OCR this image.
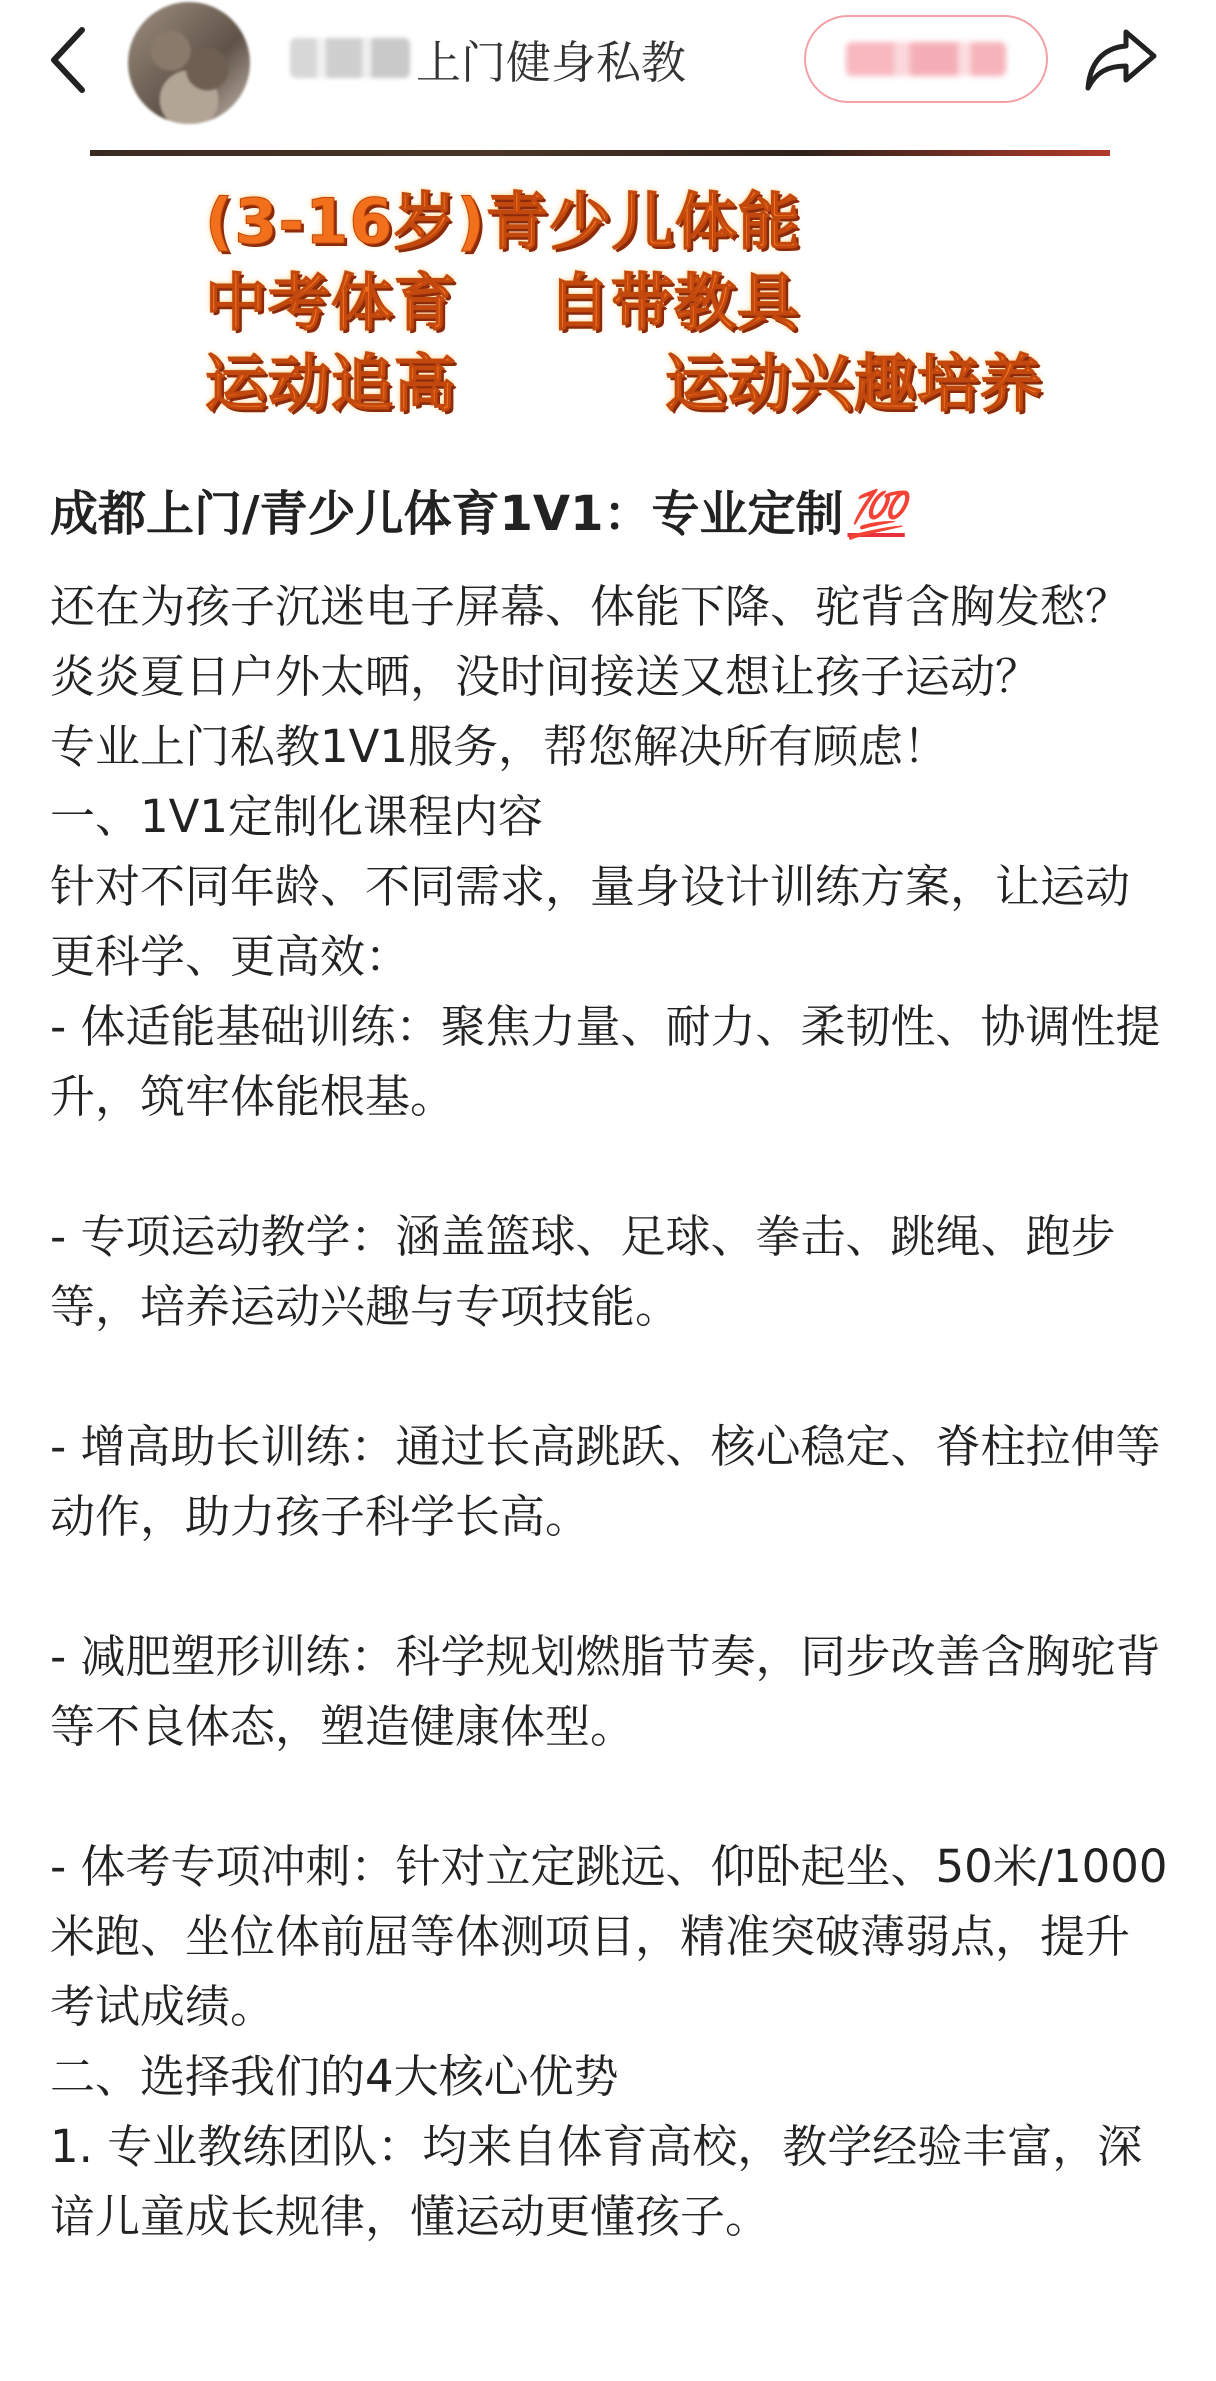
上门健身私教
(3-16岁)青少儿体能
中考体育 自带教具
运动追高	运动兴趣培养
成都上门/青少儿体育1V1：专业定制💯

还在为孩子沉迷电子屏幕、体能下降、驼背含胸发愁？

炎炎夏日户外太晒，没时间接送又想让孩子运动？

专业上门私教1V1服务，帮您解决所有顾虑！

一、1V1定制化课程内容

针对不同年龄、不同需求，量身设计训练方案，让运动更科学、更高效：

- 体适能基础训练：聚焦力量、耐力、柔韧性、协调性提升，筑牢体能根基。

- 专项运动教学：涵盖篮球、足球、拳击、跳绳、跑步等，培养运动兴趣与专项技能。

- 增高助长训练：通过长高跳跃、核心稳定、脊柱拉伸等动作，助力孩子科学长高。

- 减肥塑形训练：科学规划燃脂节奏，同步改善含胸驼背等不良体态，塑造健康体型。

- 体考专项冲刺：针对立定跳远、仰卧起坐、50米/1000米跑、坐位体前屈等体测项目，精准突破薄弱点，提升考试成绩。

二、选择我们的4大核心优势

1. 专业教练团队：均来自体育高校，教学经验丰富，深谙儿童成长规律，懂运动更懂孩子。
